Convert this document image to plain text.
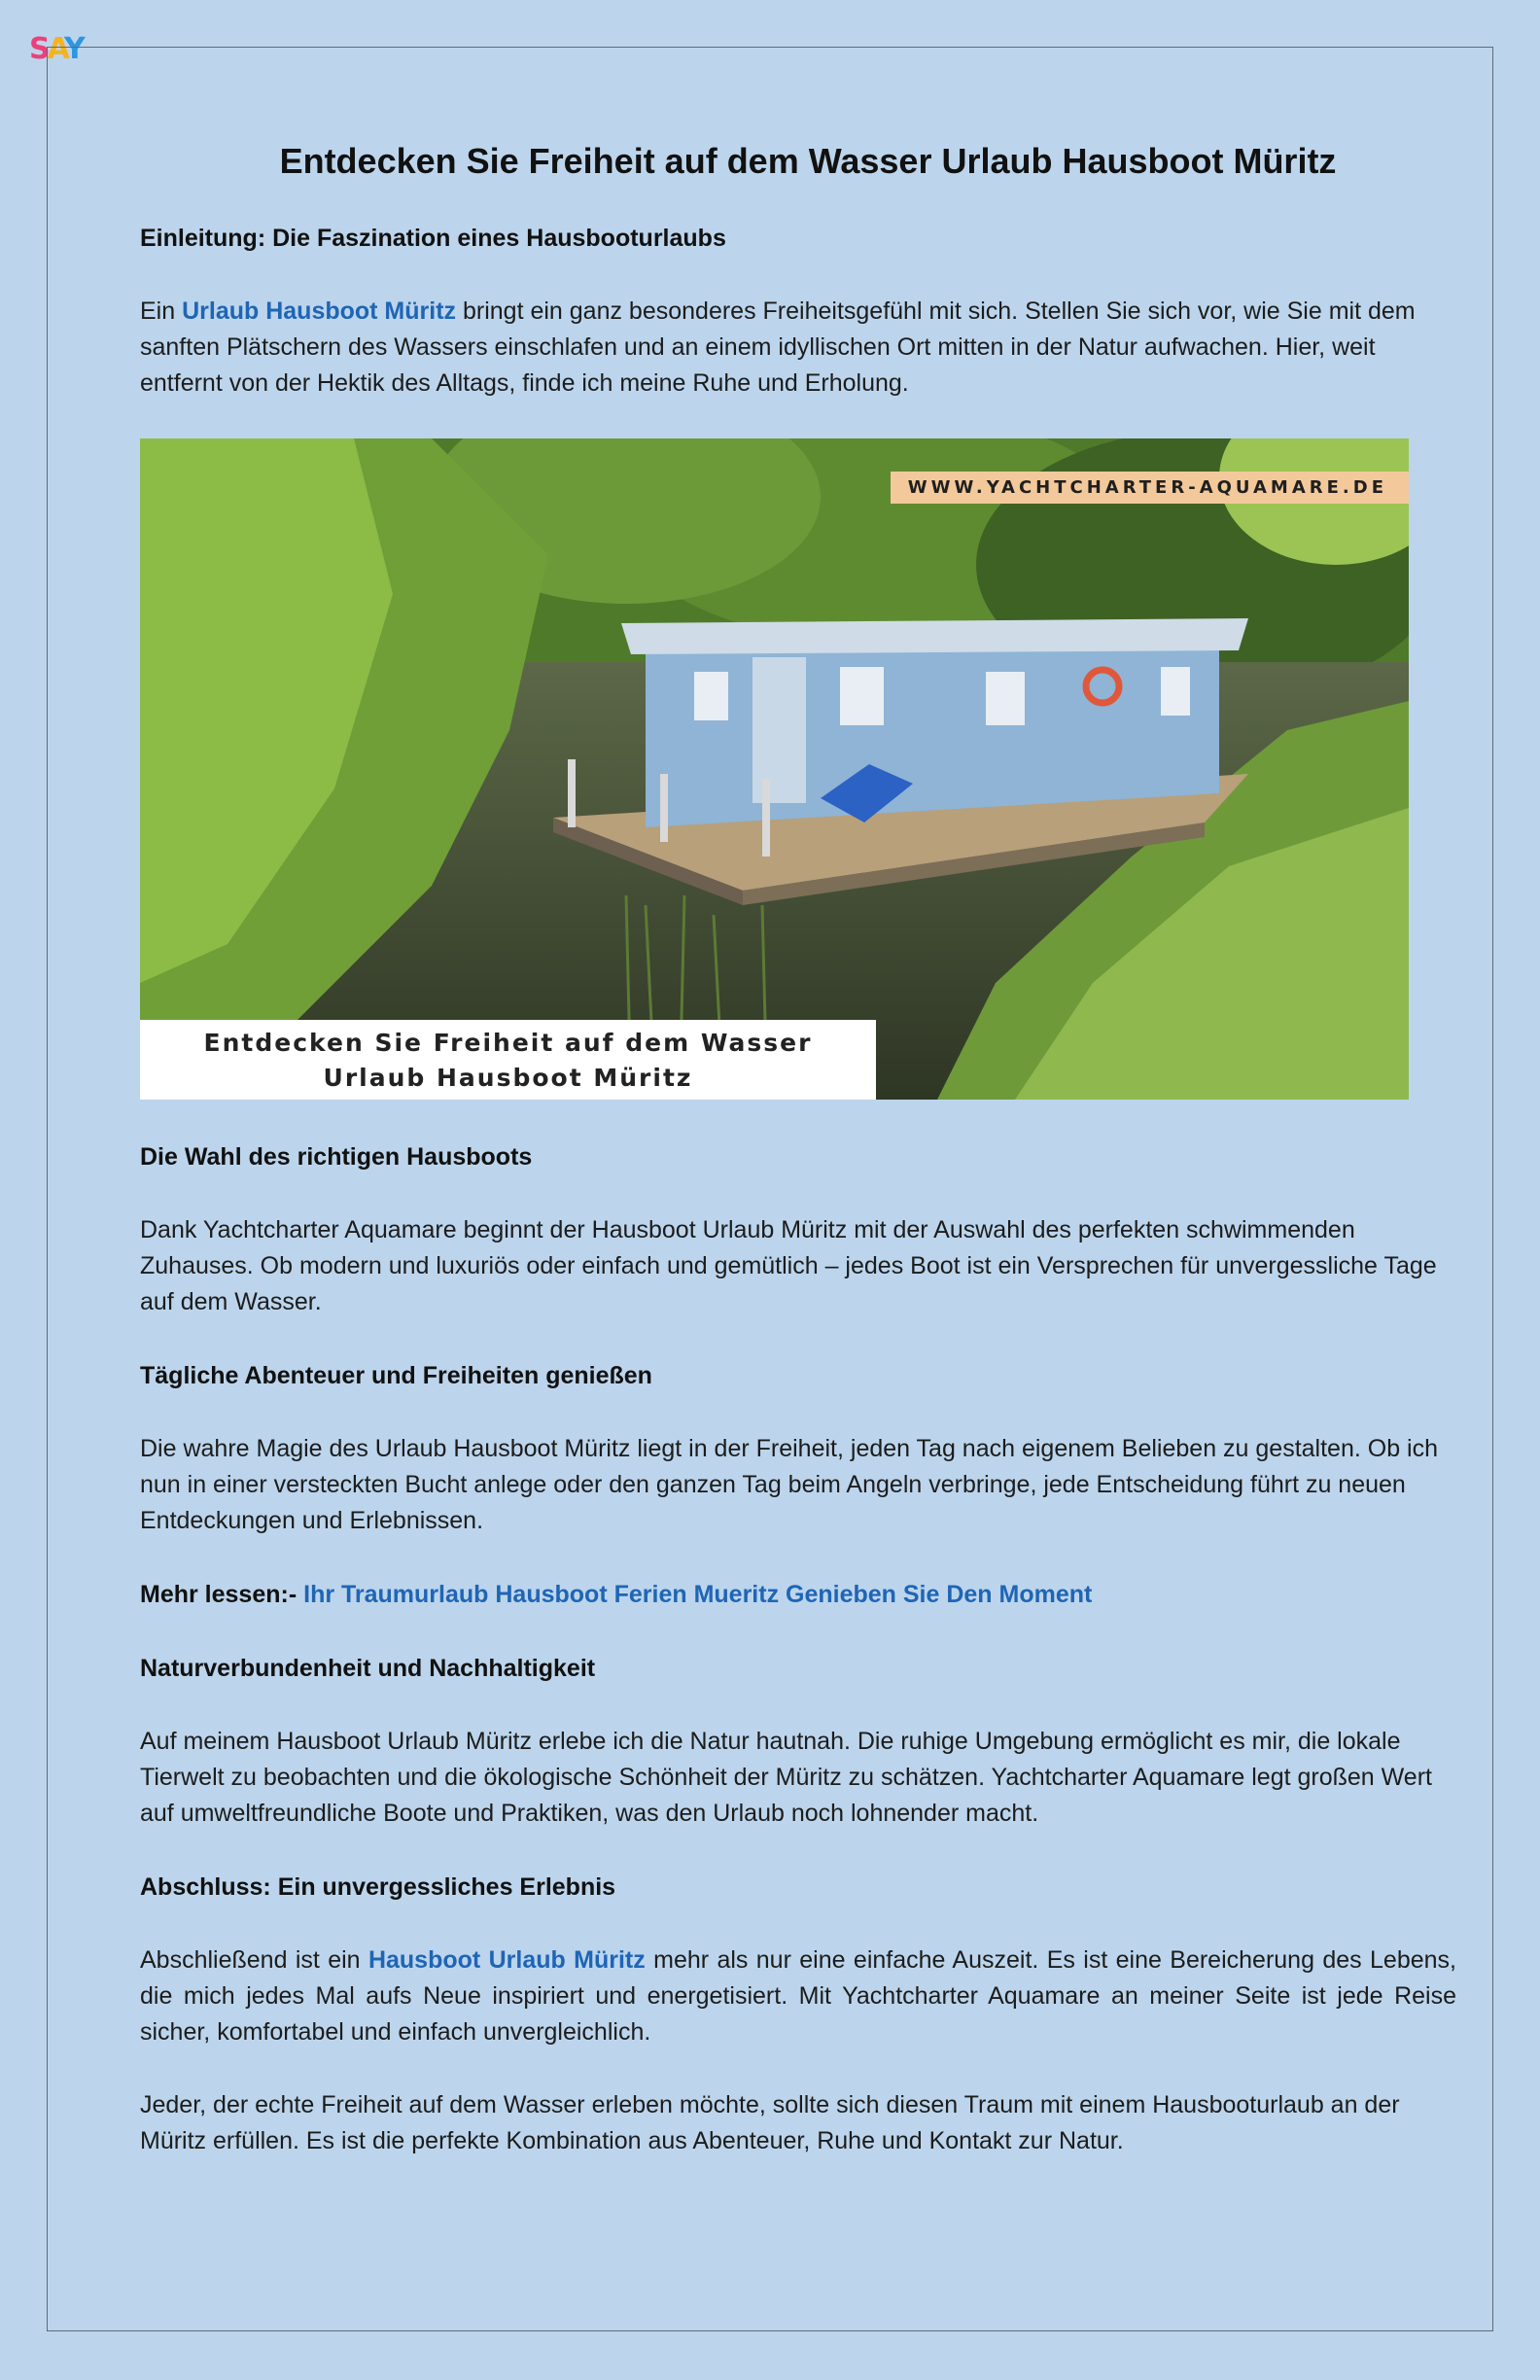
SAY
Entdecken Sie Freiheit auf dem Wasser Urlaub Hausboot Müritz
Einleitung: Die Faszination eines Hausbooturlaubs

Ein Urlaub Hausboot Müritz bringt ein ganz besonderes Freiheitsgefühl mit sich. Stellen Sie sich vor, wie Sie mit dem sanften Plätschern des Wassers einschlafen und an einem idyllischen Ort mitten in der Natur aufwachen. Hier, weit entfernt von der Hektik des Alltags, finde ich meine Ruhe und Erholung.

WWW.YACHTCHARTER-AQUAMARE.DE
Entdecken Sie Freiheit auf dem Wasser
Urlaub Hausboot Müritz
Die Wahl des richtigen Hausboots

Dank Yachtcharter Aquamare beginnt der Hausboot Urlaub Müritz mit der Auswahl des perfekten schwimmenden Zuhauses. Ob modern und luxuriös oder einfach und gemütlich – jedes Boot ist ein Versprechen für unvergessliche Tage auf dem Wasser.

Tägliche Abenteuer und Freiheiten genießen

Die wahre Magie des Urlaub Hausboot Müritz liegt in der Freiheit, jeden Tag nach eigenem Belieben zu gestalten. Ob ich nun in einer versteckten Bucht anlege oder den ganzen Tag beim Angeln verbringe, jede Entscheidung führt zu neuen Entdeckungen und Erlebnissen.

Mehr lessen:- Ihr Traumurlaub Hausboot Ferien Mueritz Genieben Sie Den Moment
Naturverbundenheit und Nachhaltigkeit

Auf meinem Hausboot Urlaub Müritz erlebe ich die Natur hautnah. Die ruhige Umgebung ermöglicht es mir, die lokale Tierwelt zu beobachten und die ökologische Schönheit der Müritz zu schätzen. Yachtcharter Aquamare legt großen Wert auf umweltfreundliche Boote und Praktiken, was den Urlaub noch lohnender macht.

Abschluss: Ein unvergessliches Erlebnis

Abschließend ist ein Hausboot Urlaub Müritz mehr als nur eine einfache Auszeit. Es ist eine Bereicherung des Lebens, die mich jedes Mal aufs Neue inspiriert und energetisiert. Mit Yachtcharter Aquamare an meiner Seite ist jede Reise sicher, komfortabel und einfach unvergleichlich.

Jeder, der echte Freiheit auf dem Wasser erleben möchte, sollte sich diesen Traum mit einem Hausbooturlaub an der Müritz erfüllen. Es ist die perfekte Kombination aus Abenteuer, Ruhe und Kontakt zur Natur.
